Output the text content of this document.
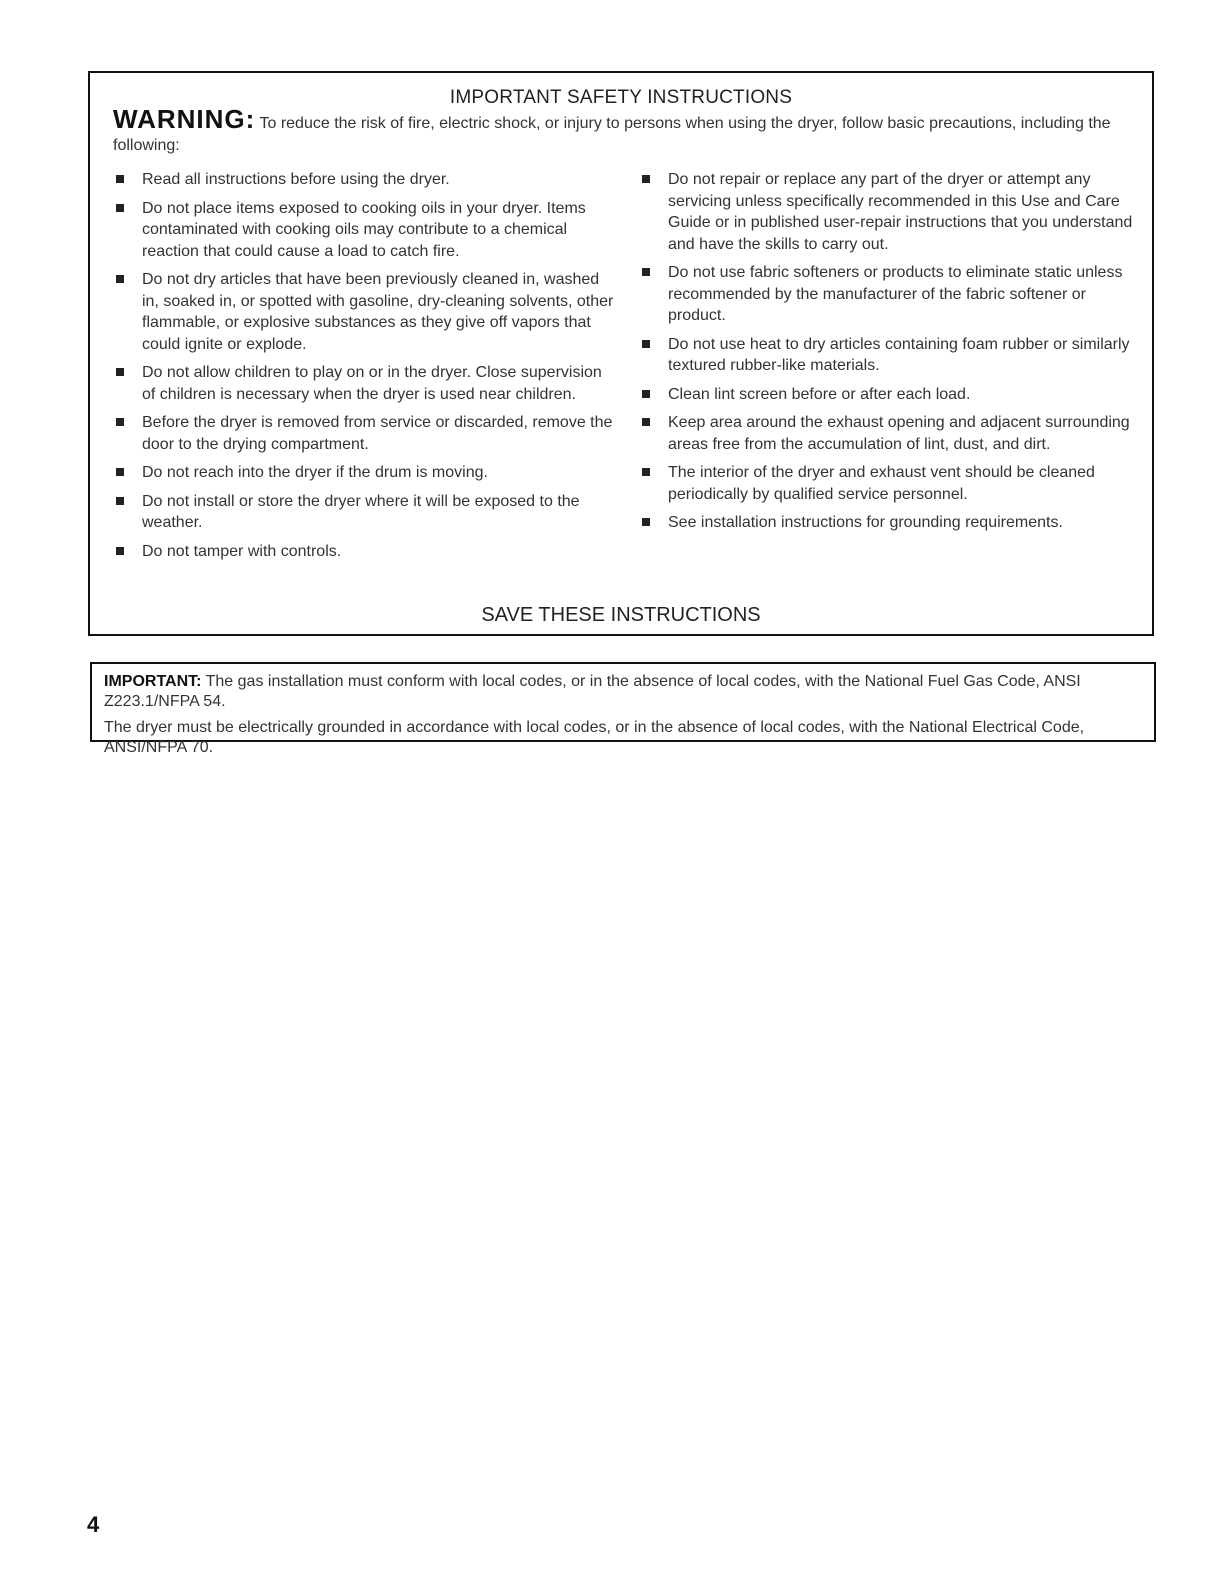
IMPORTANT SAFETY INSTRUCTIONS
WARNING: To reduce the risk of fire, electric shock, or injury to persons when using the dryer, follow basic precautions, including the following:
Read all instructions before using the dryer.
Do not place items exposed to cooking oils in your dryer. Items contaminated with cooking oils may contribute to a chemical reaction that could cause a load to catch fire.
Do not dry articles that have been previously cleaned in, washed in, soaked in, or spotted with gasoline, dry-cleaning solvents, other flammable, or explosive substances as they give off vapors that could ignite or explode.
Do not allow children to play on or in the dryer. Close supervision of children is necessary when the dryer is used near children.
Before the dryer is removed from service or discarded, remove the door to the drying compartment.
Do not reach into the dryer if the drum is moving.
Do not install or store the dryer where it will be exposed to the weather.
Do not tamper with controls.
Do not repair or replace any part of the dryer or attempt any servicing unless specifically recommended in this Use and Care Guide or in published user-repair instructions that you understand and have the skills to carry out.
Do not use fabric softeners or products to eliminate static unless recommended by the manufacturer of the fabric softener or product.
Do not use heat to dry articles containing foam rubber or similarly textured rubber-like materials.
Clean lint screen before or after each load.
Keep area around the exhaust opening and adjacent surrounding areas free from the accumulation of lint, dust, and dirt.
The interior of the dryer and exhaust vent should be cleaned periodically by qualified service personnel.
See installation instructions for grounding requirements.
SAVE THESE INSTRUCTIONS

IMPORTANT: The gas installation must conform with local codes, or in the absence of local codes, with the National Fuel Gas Code, ANSI Z223.1/NFPA 54.

The dryer must be electrically grounded in accordance with local codes, or in the absence of local codes, with the National Electrical Code, ANSI/NFPA 70.

4
